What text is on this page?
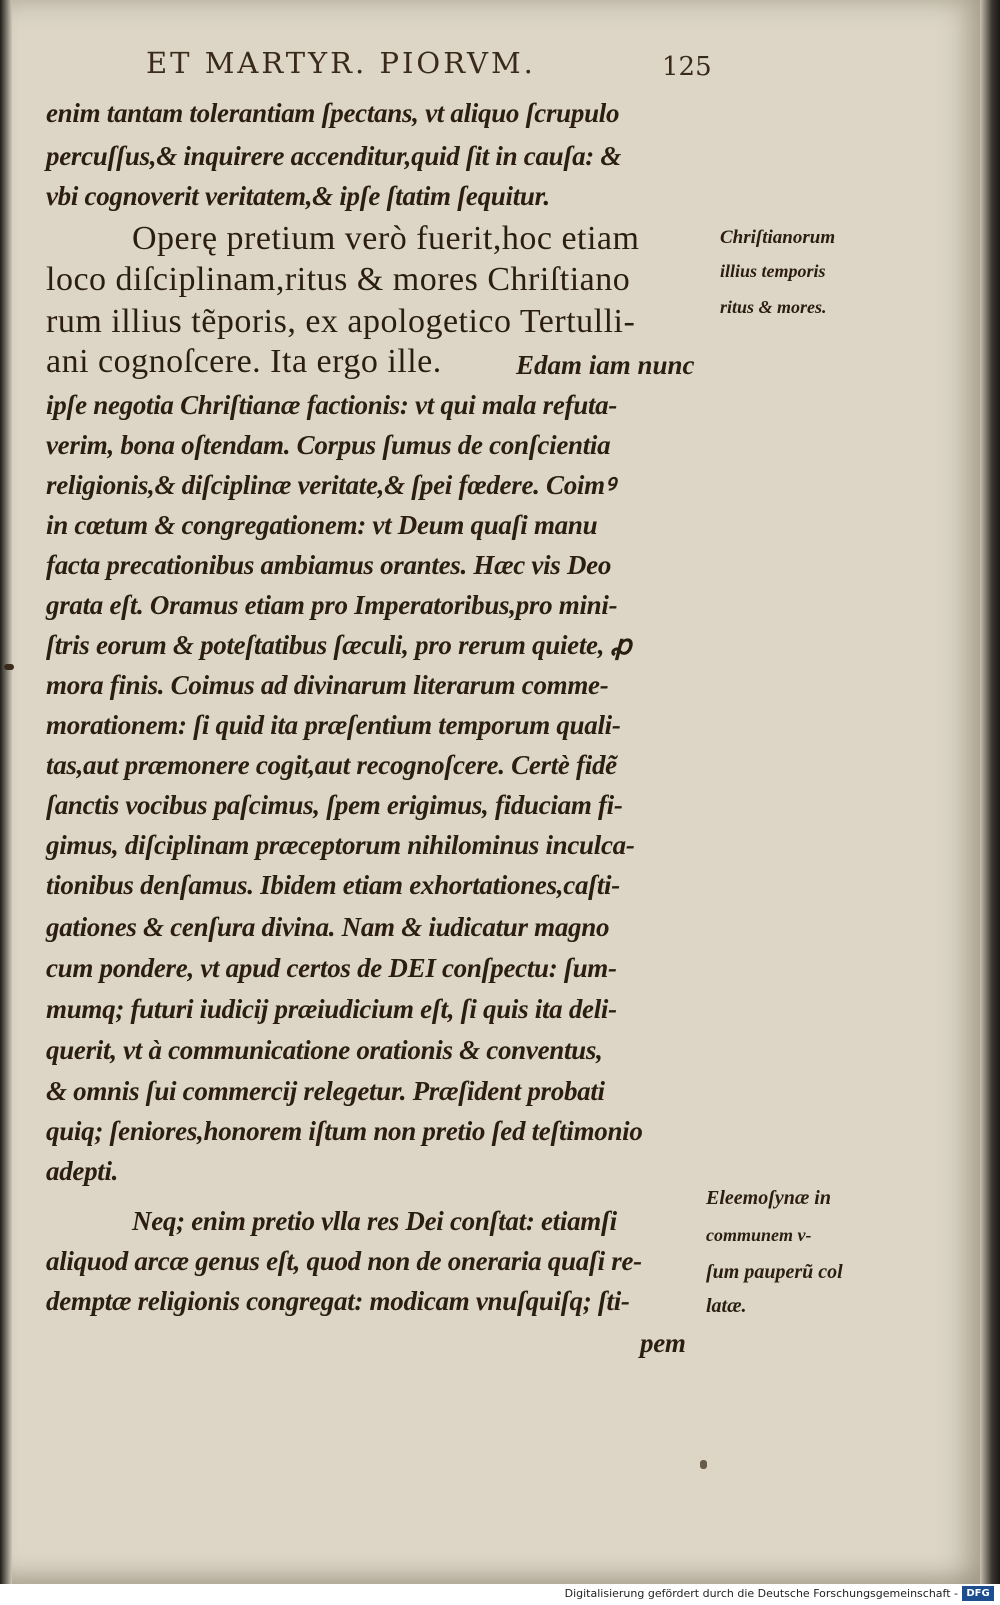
ET MARTYR. PIORVM.	125
enim tantam tolerantiam ſpectans, vt aliquo ſcrupulo
percuſſus,& inquirere accenditur,quid ſit in cauſa: &
vbi cognoverit veritatem,& ipſe ſtatim ſequitur.
Operę pretium verò fuerit,hoc etiam
loco diſciplinam,ritus & mores Chriſtiano
rum illius tẽporis, ex apologetico Tertulli-
ani cognoſcere. Ita ergo ille.	Edam iam nunc
ipſe negotia Chriſtianæ factionis: vt qui mala refuta-
verim, bona oſtendam. Corpus ſumus de conſcientia
religionis,& diſciplinæ veritate,& ſpei fœdere. Coimꝰ
in cœtum & congregationem: vt Deum quaſi manu
facta precationibus ambiamus orantes. Hæc vis Deo
grata eſt. Oramus etiam pro Imperatoribus,pro mini-
ſtris eorum & poteſtatibus ſæculi, pro rerum quiete, ꝓ
mora finis. Coimus ad divinarum literarum comme-
morationem: ſi quid ita præſentium temporum quali-
tas,aut præmonere cogit,aut recognoſcere. Certè fidẽ
ſanctis vocibus paſcimus, ſpem erigimus, fiduciam fi-
gimus, diſciplinam præceptorum nihilominus inculca-
tionibus denſamus. Ibidem etiam exhortationes,caſti-
gationes & cenſura divina. Nam & iudicatur magno
cum pondere, vt apud certos de DEI conſpectu: ſum-
mumq; futuri iudicij præiudicium eſt, ſi quis ita deli-
querit, vt à communicatione orationis & conventus,
& omnis ſui commercij relegetur. Præſident probati
quiq; ſeniores,honorem iſtum non pretio ſed teſtimonio
adepti.
Neq; enim pretio vlla res Dei conſtat: etiamſi
aliquod arcæ genus eſt, quod non de oneraria quaſi re-
demptæ religionis congregat: modicam vnuſquiſq; ſti-
pem
Chriſtianorum
illius temporis
ritus & mores.
Eleemoſynæ in
communem v-
ſum pauperũ col
latæ.
Digitalisierung gefördert durch die Deutsche Forschungsgemeinschaft - DFG
